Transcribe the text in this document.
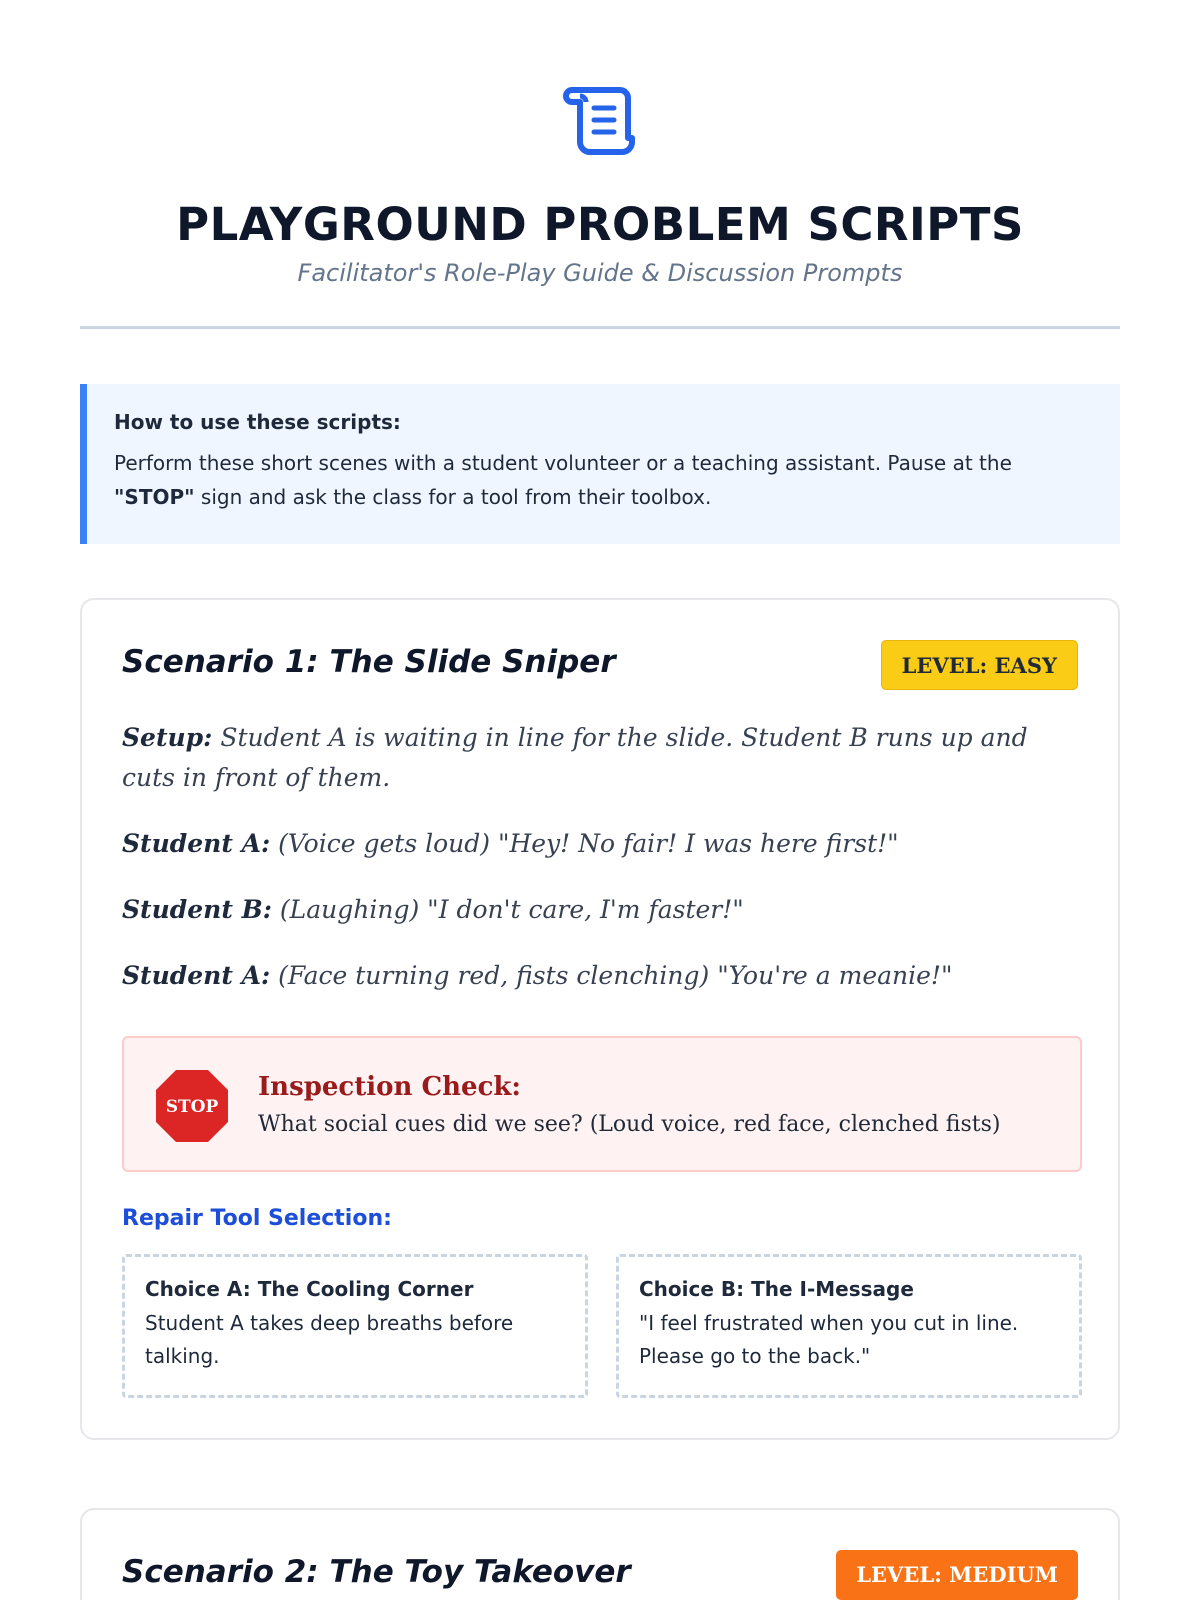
PLAYGROUND PROBLEM SCRIPTS
Facilitator's Role-Play Guide & Discussion Prompts
How to use these scripts:
Perform these short scenes with a student volunteer or a teaching assistant. Pause at the "STOP" sign and ask the class for a tool from their toolbox.
Scenario 1: The Slide Sniper	LEVEL: EASY

Setup: Student A is waiting in line for the slide. Student B runs up and cuts in front of them.

Student A: (Voice gets loud) "Hey! No fair! I was here first!"

Student B: (Laughing) "I don't care, I'm faster!"

Student A: (Face turning red, fists clenching) "You're a meanie!"

STOP
Inspection Check:
What social cues did we see? (Loud voice, red face, clenched fists)
Repair Tool Selection:
Choice A: The Cooling Corner
Student A takes deep breaths before talking.
Choice B: The I-Message
"I feel frustrated when you cut in line. Please go to the back."
Scenario 2: The Toy Takeover	LEVEL: MEDIUM
